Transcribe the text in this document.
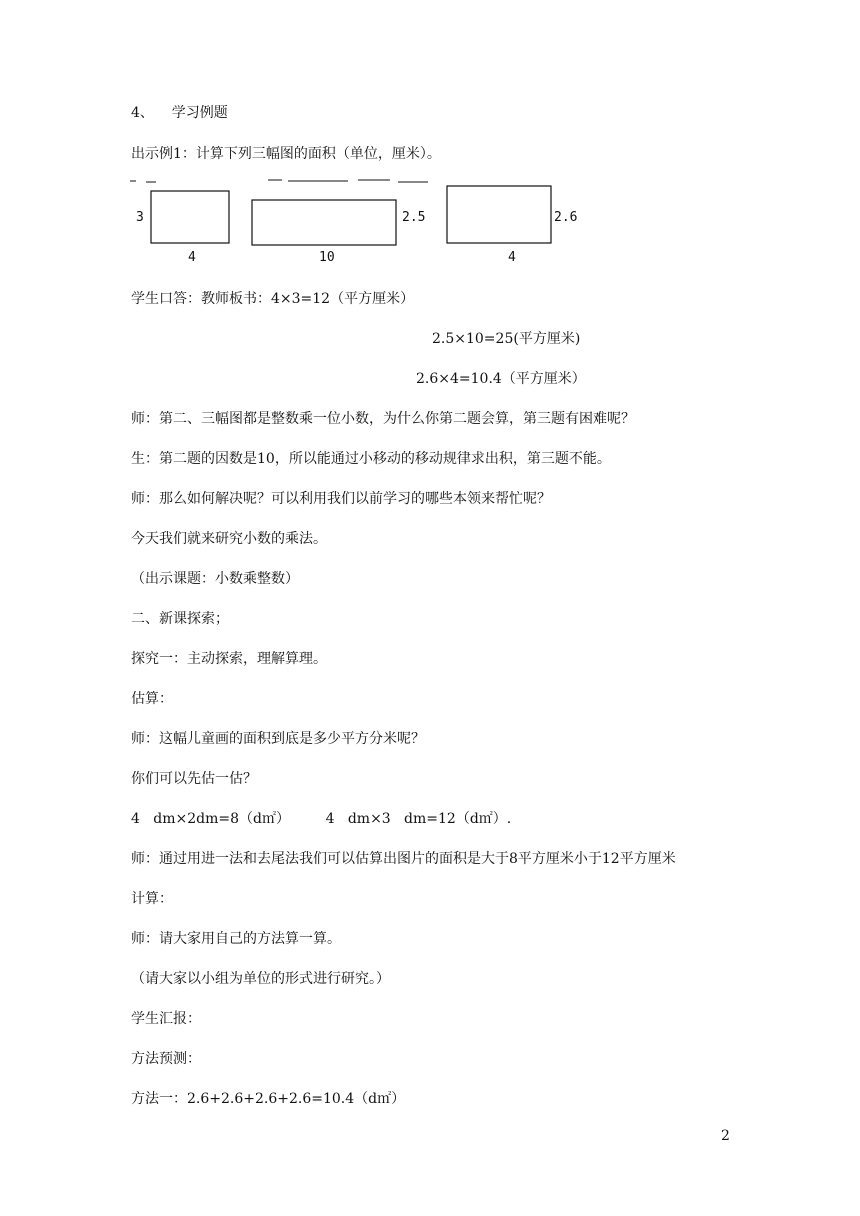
4、    学习例题
出示例1：计算下列三幅图的面积（单位，厘米）。
3
4
2.5
10
2.6
4
学生口答：教师板书：4×3=12（平方厘米）
2.5×10=25(平方厘米)
2.6×4=10.4（平方厘米）
师：第二、三幅图都是整数乘一位小数，为什么你第二题会算，第三题有困难呢？
生：第二题的因数是10，所以能通过小移动的移动规律求出积，第三题不能。
师：那么如何解决呢？可以利用我们以前学习的哪些本领来帮忙呢？
今天我们就来研究小数的乘法。
（出示课题：小数乘整数）
二、新课探索；
探究一：主动探索，理解算理。
估算：
师：这幅儿童画的面积到底是多少平方分米呢？
你们可以先估一估？
4   dm×2dm=8（d㎡）        4   dm×3   dm=12（d㎡）.
师：通过用进一法和去尾法我们可以估算出图片的面积是大于8平方厘米小于12平方厘米
计算：
师：请大家用自己的方法算一算。
（请大家以小组为单位的形式进行研究。）
学生汇报：
方法预测：
方法一：2.6+2.6+2.6+2.6=10.4（d㎡）
2
